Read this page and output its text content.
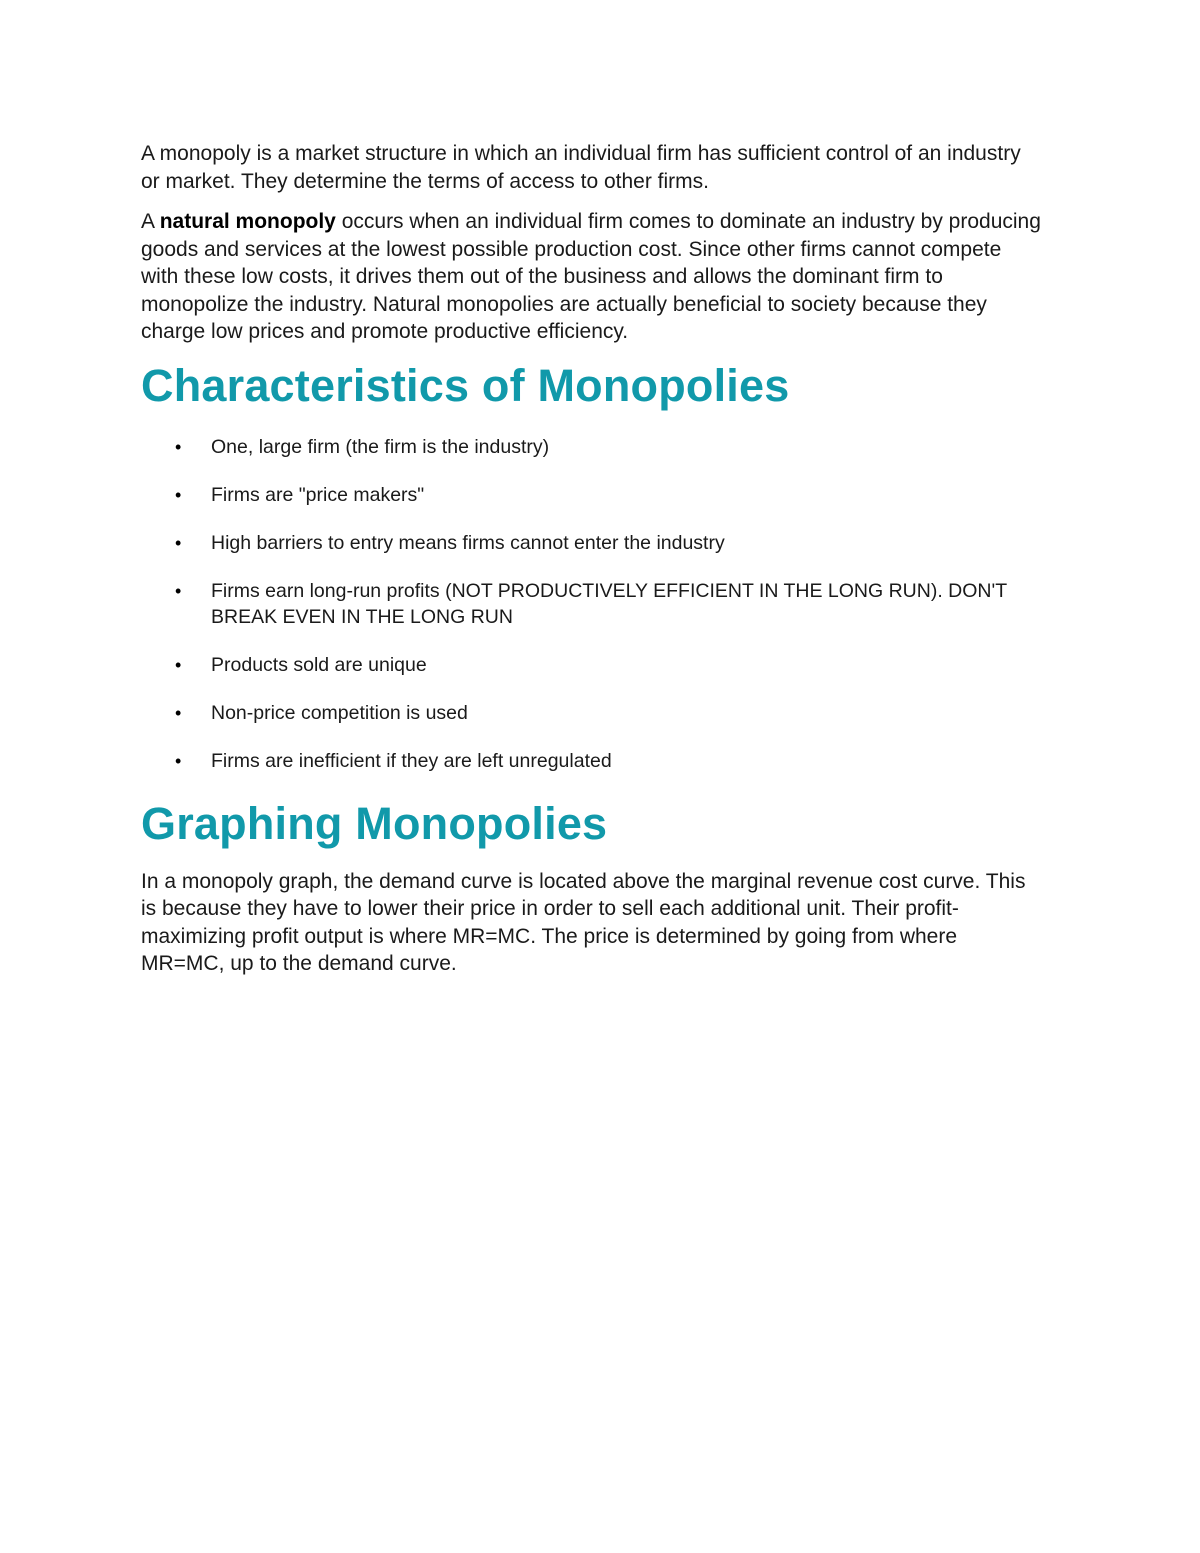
A monopoly is a market structure in which an individual firm has sufficient control of an industry or market. They determine the terms of access to other firms.

A natural monopoly occurs when an individual firm comes to dominate an industry by producing goods and services at the lowest possible production cost. Since other firms cannot compete with these low costs, it drives them out of the business and allows the dominant firm to monopolize the industry. Natural monopolies are actually beneficial to society because they charge low prices and promote productive efficiency.

Characteristics of Monopolies
• One, large firm (the firm is the industry)
• Firms are "price makers"
• High barriers to entry means firms cannot enter the industry
• Firms earn long-run profits (NOT PRODUCTIVELY EFFICIENT IN THE LONG RUN). DON'T BREAK EVEN IN THE LONG RUN
• Products sold are unique
• Non-price competition is used
• Firms are inefficient if they are left unregulated
Graphing Monopolies

In a monopoly graph, the demand curve is located above the marginal revenue cost curve. This is because they have to lower their price in order to sell each additional unit. Their profit-maximizing profit output is where MR=MC. The price is determined by going from where MR=MC, up to the demand curve.
